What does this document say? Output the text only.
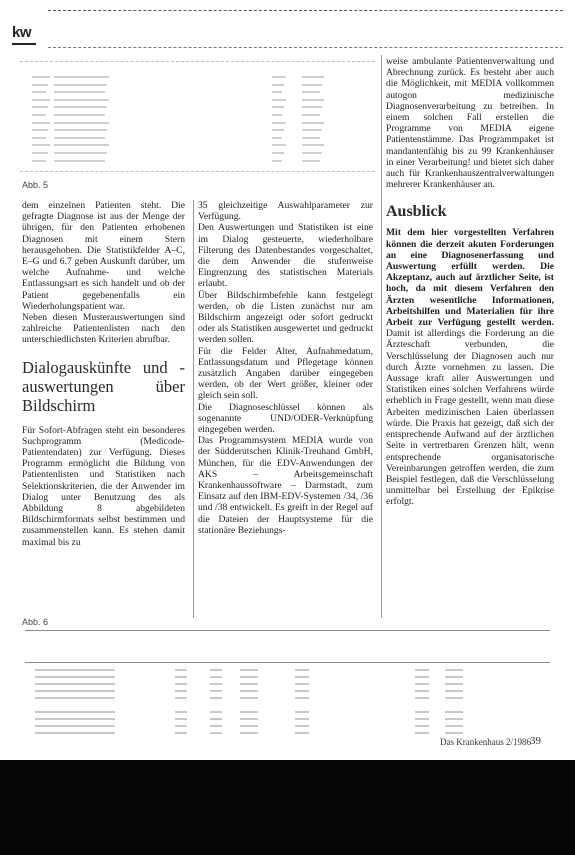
kw
Abb. 5

dem einzelnen Patienten steht. Die gefragte Diagnose ist aus der Menge der übrigen, für den Patienten erhobenen Diagnosen mit einem Stern herausgehoben. Die Statistikfelder A–C, E–G und 6.7 geben Auskunft darüber, um welche Aufnahme- und welche Entlassungsart es sich handelt und ob der Patient gegebenenfalls ein Wiederholungspatient war.

Neben diesen Musterauswertungen sind zahlreiche Patientenlisten nach den unterschiedlichsten Kriterien abrufbar.

Dialogauskünfte und -auswertungen über Bildschirm

Für Sofort-Abfragen steht ein besonderes Suchprogramm (Medicode-Patientendaten) zur Verfügung. Dieses Programm ermöglicht die Bildung von Patientenlisten und Statistiken nach Selektionskriterien, die der Anwender im Dialog unter Benutzung des als Abbildung 8 abgebildeten Bildschirmformats selbst bestimmen und zusammenstellen kann. Es stehen damit maximal bis zu

35 gleichzeitige Auswahlparameter zur Verfügung.

Den Auswertungen und Statistiken ist eine im Dialog gesteuerte, wiederholbare Filterung des Datenbestandes vorgeschaltet, die dem Anwender die stufenweise Eingrenzung des statistischen Materials erlaubt.

Über Bildschirmbefehle kann festgelegt werden, ob die Listen zunächst nur am Bildschirm angezeigt oder sofort gedruckt oder als Statistiken ausgewertet und gedruckt werden sollen.

Für die Felder Alter, Aufnahmedatum, Entlassungsdatum und Pflegetage können zusätzlich Angaben darüber eingegeben werden, ob der Wert größer, kleiner oder gleich sein soll.

Die Diagnoseschlüssel können als sogenannte UND/ODER-Verknüpfung eingegeben werden.

Das Programmsystem MEDIA wurde von der Südderutschen Klinik-Treuhand GmbH, München, für die EDV-Anwendungen der AKS – Arbeitsgemeinschaft Krankenhaussoftware – Darmstadt, zum Einsatz auf den IBM-EDV-Systemen /34, /36 und /38 entwickelt. Es greift in der Regel auf die Dateien der Hauptsysteme für die stationäre Beziehungs-

weise ambulante Patientenverwaltung und Abrechnung zurück. Es besteht aber auch die Möglichkeit, mit MEDIA vollkommen autogon medizinische Diagnosenverarbeitung zu betreiben. In einem solchen Fall erstellen die Programme von MEDIA eigene Patientenstämme. Das Programmpaket ist mandantenfähig bis zu 99 Krankenhäuser in einer Verarbeitung! und bietet sich daher auch für Krankenhauszentralverwaltungen mehrerer Krankenhäuser an.

Ausblick

Mit dem hier vorgestellten Verfahren können die derzeit akuten Forderungen an eine Diagnosenerfassung und Auswertung erfüllt werden. Die Akzeptanz, auch auf ärztlicher Seite, ist hoch, da mit diesem Verfahren den Ärzten wesentliche Informationen, Arbeitshilfen und Materialien für ihre Arbeit zur Verfügung gestellt werden. Damit ist allerdings die Forderung an die Ärzteschaft verbunden, die Verschlüsselung der Diagnosen auch nur durch Ärzte vornehmen zu lassen. Die Aussage kraft aller Auswertungen und Statistiken eines solchen Verfahrens würde erheblich in Frage gestellt, wenn man diese Arbeiten medizinischen Laien überlassen würde. Die Praxis hat gezeigt, daß sich der entsprechende Aufwand auf der ärztlichen Seite in vertretbaren Grenzen hält, wenn entsprechende organisatorische Vereinbarungen getroffen werden, die zum Beispiel festlegen, daß die Verschlüsselung unmittelbar bei Erstellung der Epikrise erfolgt.

Abb. 6
Das Krankenhaus 2/1986 39
